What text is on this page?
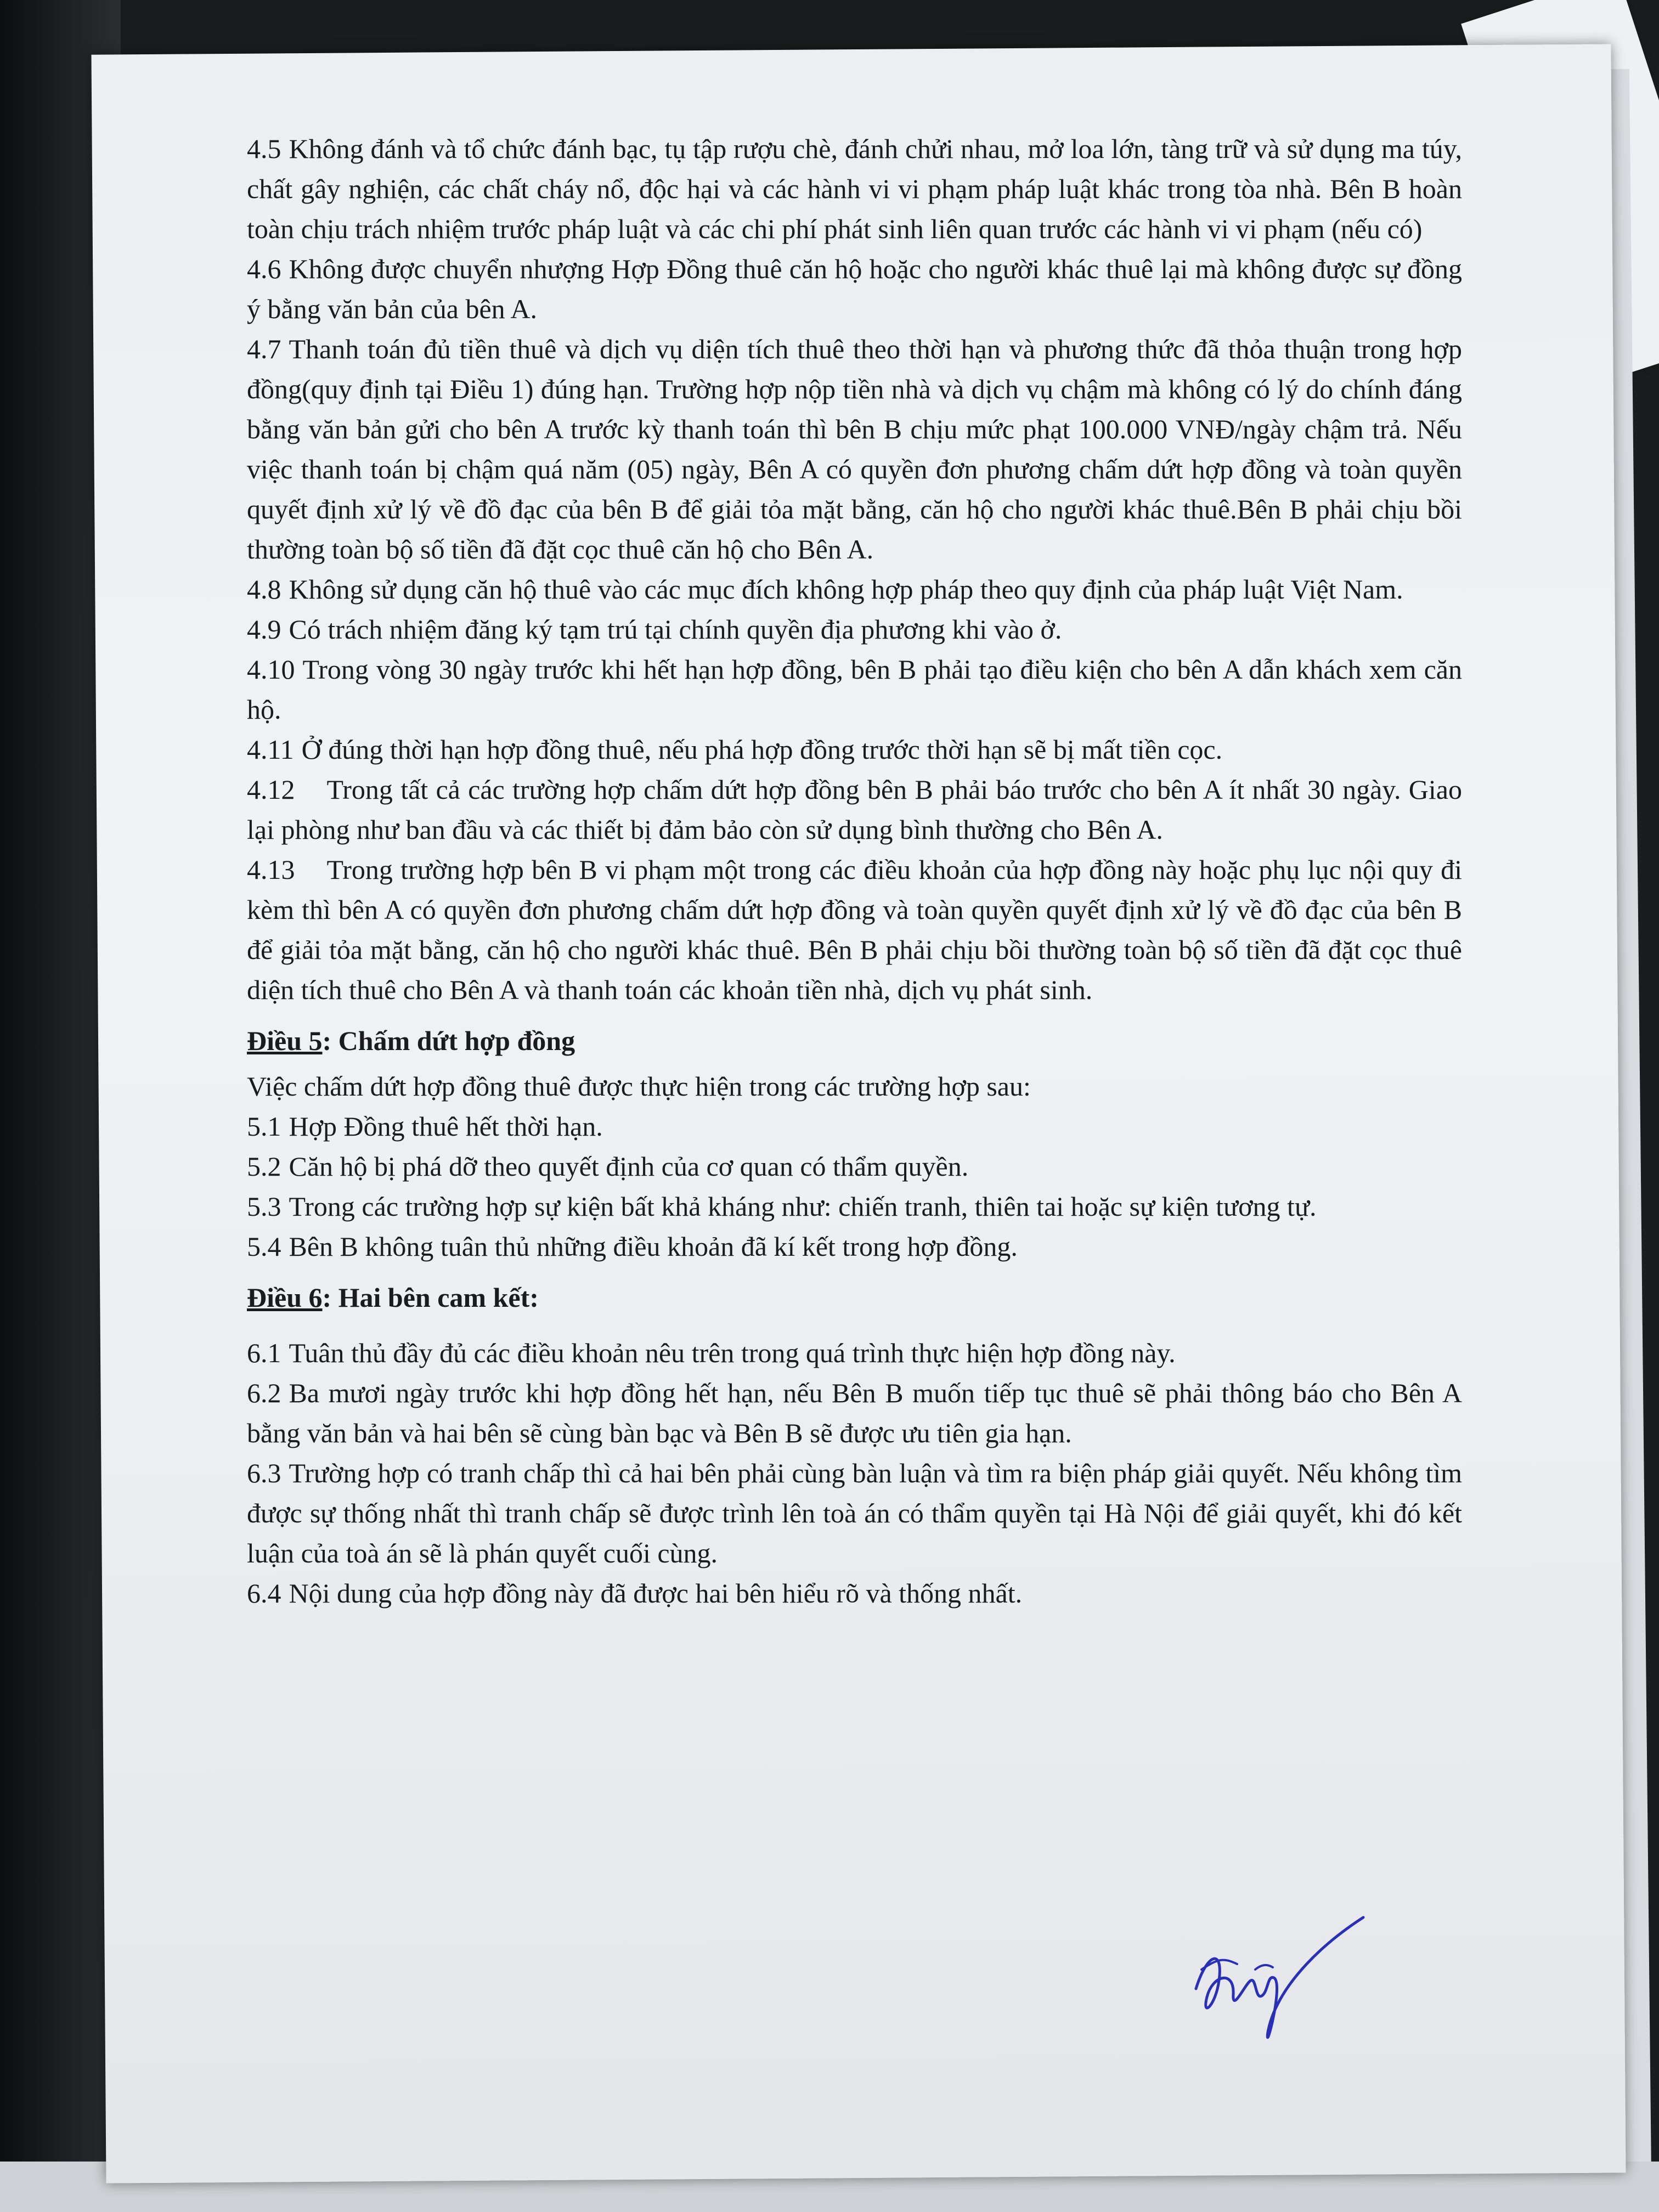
4.5 Không đánh và tổ chức đánh bạc, tụ tập rượu chè, đánh chửi nhau, mở loa lớn, tàng trữ và sử dụng ma túy, chất gây nghiện, các chất cháy nổ, độc hại và các hành vi vi phạm pháp luật khác trong tòa nhà. Bên B hoàn toàn chịu trách nhiệm trước pháp luật và các chi phí phát sinh liên quan trước các hành vi vi phạm (nếu có)

4.6 Không được chuyển nhượng Hợp Đồng thuê căn hộ hoặc cho người khác thuê lại mà không được sự đồng ý bằng văn bản của bên A.

4.7 Thanh toán đủ tiền thuê và dịch vụ diện tích thuê theo thời hạn và phương thức đã thỏa thuận trong hợp đồng(quy định tại Điều 1) đúng hạn. Trường hợp nộp tiền nhà và dịch vụ chậm mà không có lý do chính đáng bằng văn bản gửi cho bên A trước kỳ thanh toán thì bên B chịu mức phạt 100.000 VNĐ/ngày chậm trả. Nếu việc thanh toán bị chậm quá năm (05) ngày, Bên A có quyền đơn phương chấm dứt hợp đồng và toàn quyền quyết định xử lý về đồ đạc của bên B để giải tỏa mặt bằng, căn hộ cho người khác thuê.Bên B phải chịu bồi thường toàn bộ số tiền đã đặt cọc thuê căn hộ cho Bên A.

4.8 Không sử dụng căn hộ thuê vào các mục đích không hợp pháp theo quy định của pháp luật Việt Nam.

4.9 Có trách nhiệm đăng ký tạm trú tại chính quyền địa phương khi vào ở.

4.10 Trong vòng 30 ngày trước khi hết hạn hợp đồng, bên B phải tạo điều kiện cho bên A dẫn khách xem căn hộ.

4.11 Ở đúng thời hạn hợp đồng thuê, nếu phá hợp đồng trước thời hạn sẽ bị mất tiền cọc.

4.12 Trong tất cả các trường hợp chấm dứt hợp đồng bên B phải báo trước cho bên A ít nhất 30 ngày. Giao lại phòng như ban đầu và các thiết bị đảm bảo còn sử dụng bình thường cho Bên A.

4.13 Trong trường hợp bên B vi phạm một trong các điều khoản của hợp đồng này hoặc phụ lục nội quy đi kèm thì bên A có quyền đơn phương chấm dứt hợp đồng và toàn quyền quyết định xử lý về đồ đạc của bên B để giải tỏa mặt bằng, căn hộ cho người khác thuê. Bên B phải chịu bồi thường toàn bộ số tiền đã đặt cọc thuê diện tích thuê cho Bên A và thanh toán các khoản tiền nhà, dịch vụ phát sinh.

Điều 5: Chấm dứt hợp đồng

Việc chấm dứt hợp đồng thuê được thực hiện trong các trường hợp sau:

5.1 Hợp Đồng thuê hết thời hạn.

5.2 Căn hộ bị phá dỡ theo quyết định của cơ quan có thẩm quyền.

5.3 Trong các trường hợp sự kiện bất khả kháng như: chiến tranh, thiên tai hoặc sự kiện tương tự.

5.4 Bên B không tuân thủ những điều khoản đã kí kết trong hợp đồng.

Điều 6: Hai bên cam kết:

6.1 Tuân thủ đầy đủ các điều khoản nêu trên trong quá trình thực hiện hợp đồng này.

6.2 Ba mươi ngày trước khi hợp đồng hết hạn, nếu Bên B muốn tiếp tục thuê sẽ phải thông báo cho Bên A bằng văn bản và hai bên sẽ cùng bàn bạc và Bên B sẽ được ưu tiên gia hạn.

6.3 Trường hợp có tranh chấp thì cả hai bên phải cùng bàn luận và tìm ra biện pháp giải quyết. Nếu không tìm được sự thống nhất thì tranh chấp sẽ được trình lên toà án có thẩm quyền tại Hà Nội để giải quyết, khi đó kết luận của toà án sẽ là phán quyết cuối cùng.

6.4 Nội dung của hợp đồng này đã được hai bên hiểu rõ và thống nhất.
